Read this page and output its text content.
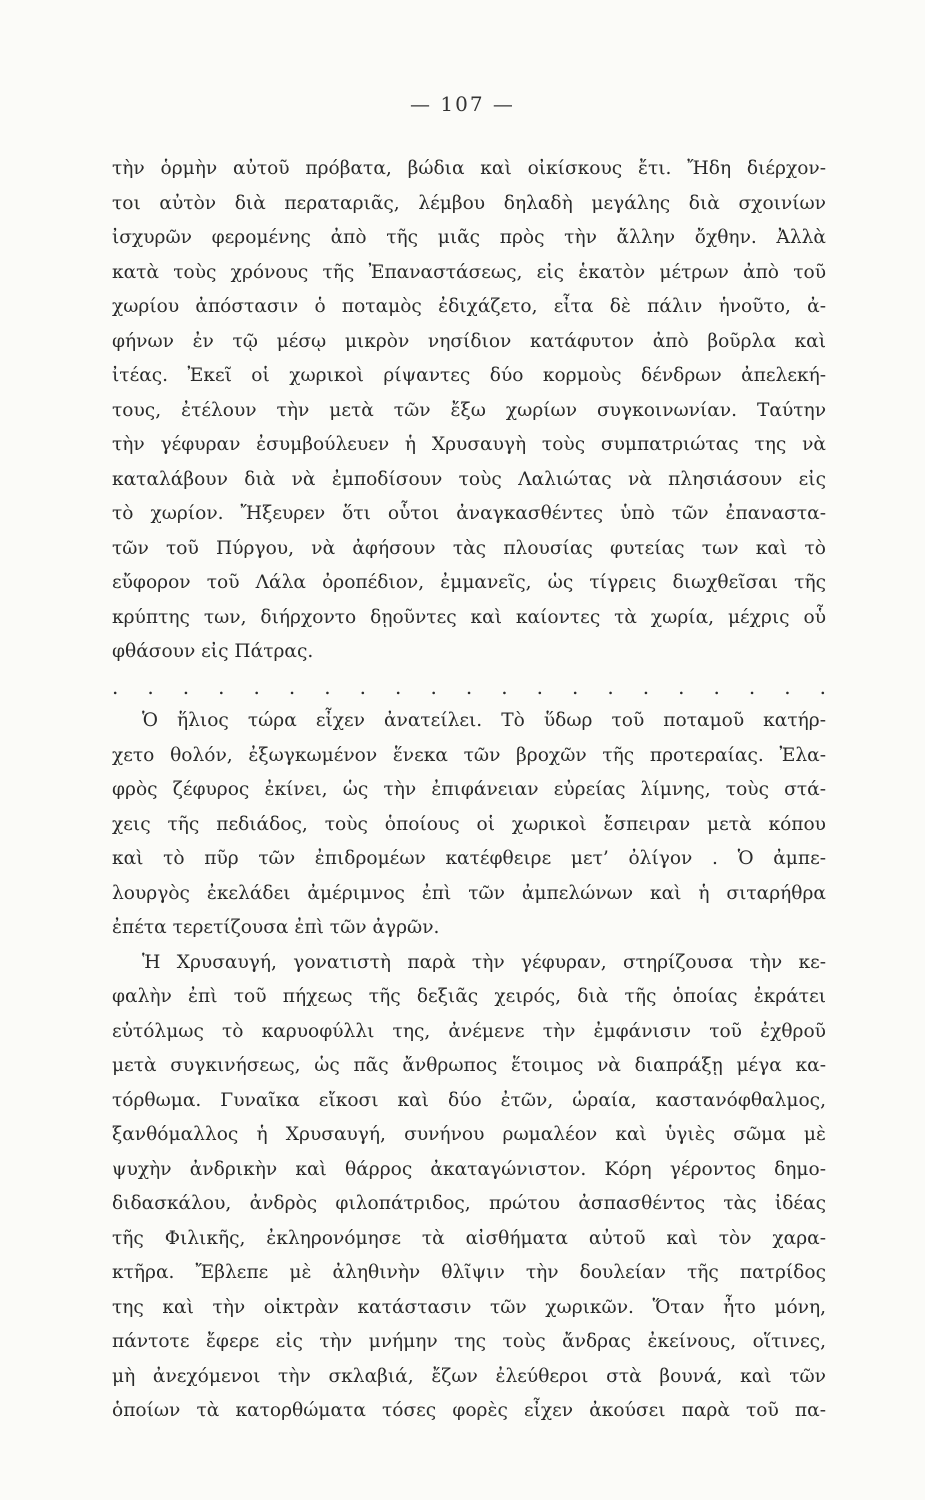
— 107 —
τὴν ὁρμὴν αὐτοῦ πρόβατα, βώδια καὶ οἰκίσκους ἔτι. Ἤδη διέρχον-
τοι αὐτὸν διὰ περαταριᾶς, λέμβου δηλαδὴ μεγάλης διὰ σχοινίων
ἰσχυρῶν φερομένης ἀπὸ τῆς μιᾶς πρὸς τὴν ἄλλην ὄχθην. Ἀλλὰ
κατὰ τοὺς χρόνους τῆς Ἐπαναστάσεως, εἰς ἑκατὸν μέτρων ἀπὸ τοῦ
χωρίου ἀπόστασιν ὁ ποταμὸς ἐδιχάζετο, εἶτα δὲ πάλιν ἡνοῦτο, ἀ-
φήνων ἐν τῷ μέσῳ μικρὸν νησίδιον κατάφυτον ἀπὸ βοῦρλα καὶ
ἰτέας. Ἐκεῖ οἱ χωρικοὶ ρίψαντες δύο κορμοὺς δένδρων ἀπελεκή-
τους, ἐτέλουν τὴν μετὰ τῶν ἔξω χωρίων συγκοινωνίαν. Ταύτην
τὴν γέφυραν ἐσυμβούλευεν ἡ Χρυσαυγὴ τοὺς συμπατριώτας της νὰ
καταλάβουν διὰ νὰ ἐμποδίσουν τοὺς Λαλιώτας νὰ πλησιάσουν εἰς
τὸ χωρίον. Ἤξευρεν ὅτι οὗτοι ἀναγκασθέντες ὑπὸ τῶν ἐπαναστα-
τῶν τοῦ Πύργου, νὰ ἀφήσουν τὰς πλουσίας φυτείας των καὶ τὸ
εὔφορον τοῦ Λάλα ὀροπέδιον, ἐμμανεῖς, ὡς τίγρεις διωχθεῖσαι τῆς
κρύπτης των, διήρχοντο δῃοῦντες καὶ καίοντες τὰ χωρία, μέχρις οὗ
φθάσουν εἰς Πάτρας.
. . . . . . . . . . . . . . . . . . . . .
Ὁ ἥλιος τώρα εἶχεν ἀνατείλει. Τὸ ὕδωρ τοῦ ποταμοῦ κατήρ-
χετο θολόν, ἐξωγκωμένον ἕνεκα τῶν βροχῶν τῆς προτεραίας. Ἐλα-
φρὸς ζέφυρος ἐκίνει, ὡς τὴν ἐπιφάνειαν εὐρείας λίμνης, τοὺς στά-
χεις τῆς πεδιάδος, τοὺς ὁποίους οἱ χωρικοὶ ἔσπειραν μετὰ κόπου
καὶ τὸ πῦρ τῶν ἐπιδρομέων κατέφθειρε μετ’ ὀλίγον . Ὁ ἀμπε-
λουργὸς ἐκελάδει ἀμέριμνος ἐπὶ τῶν ἀμπελώνων καὶ ἡ σιταρήθρα
ἐπέτα τερετίζουσα ἐπὶ τῶν ἀγρῶν.
Ἡ Χρυσαυγή, γονατιστὴ παρὰ τὴν γέφυραν, στηρίζουσα τὴν κε-
φαλὴν ἐπὶ τοῦ πήχεως τῆς δεξιᾶς χειρός, διὰ τῆς ὁποίας ἐκράτει
εὐτόλμως τὸ καρυοφύλλι της, ἀνέμενε τὴν ἐμφάνισιν τοῦ ἐχθροῦ
μετὰ συγκινήσεως, ὡς πᾶς ἄνθρωπος ἕτοιμος νὰ διαπράξῃ μέγα κα-
τόρθωμα. Γυναῖκα εἴκοσι καὶ δύο ἐτῶν, ὡραία, καστανόφθαλμος,
ξανθόμαλλος ἡ Χρυσαυγή, συνήνου ρωμαλέον καὶ ὑγιὲς σῶμα μὲ
ψυχὴν ἀνδρικὴν καὶ θάρρος ἀκαταγώνιστον. Κόρη γέροντος δημο-
διδασκάλου, ἀνδρὸς φιλοπάτριδος, πρώτου ἀσπασθέντος τὰς ἰδέας
τῆς Φιλικῆς, ἐκληρονόμησε τὰ αἰσθήματα αὐτοῦ καὶ τὸν χαρα-
κτῆρα. Ἔβλεπε μὲ ἀληθινὴν θλῖψιν τὴν δουλείαν τῆς πατρίδος
της καὶ τὴν οἰκτρὰν κατάστασιν τῶν χωρικῶν. Ὅταν ἦτο μόνη,
πάντοτε ἔφερε εἰς τὴν μνήμην της τοὺς ἄνδρας ἐκείνους, οἵτινες,
μὴ ἀνεχόμενοι τὴν σκλαβιά, ἔζων ἐλεύθεροι στὰ βουνά, καὶ τῶν
ὁποίων τὰ κατορθώματα τόσες φορὲς εἶχεν ἀκούσει παρὰ τοῦ πα-
